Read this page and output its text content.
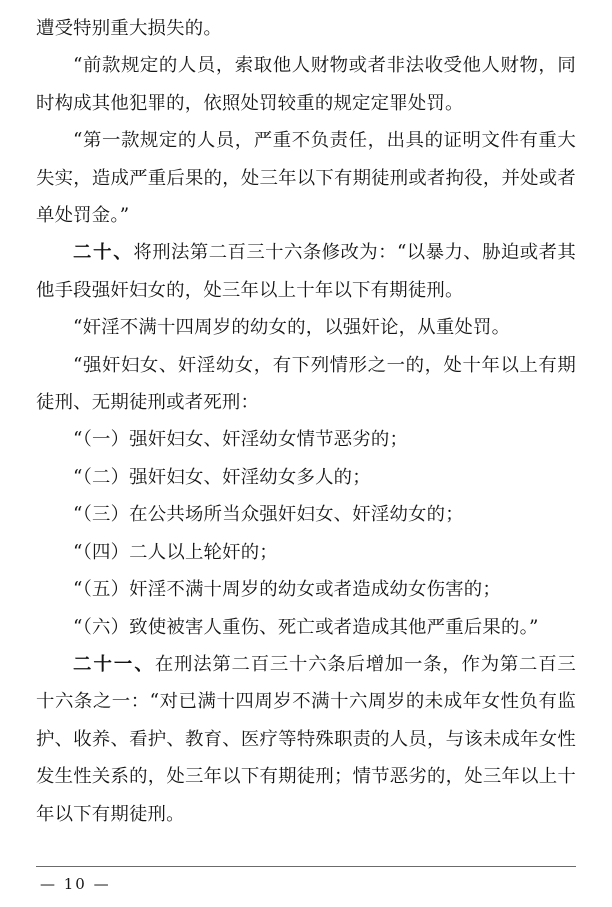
遭受特别重大损失的。

“前款规定的人员，索取他人财物或者非法收受他人财物，同时构成其他犯罪的，依照处罚较重的规定定罪处罚。

“第一款规定的人员，严重不负责任，出具的证明文件有重大失实，造成严重后果的，处三年以下有期徒刑或者拘役，并处或者单处罚金。”

二十、将刑法第二百三十六条修改为：“以暴力、胁迫或者其他手段强奸妇女的，处三年以上十年以下有期徒刑。

“奸淫不满十四周岁的幼女的，以强奸论，从重处罚。

“强奸妇女、奸淫幼女，有下列情形之一的，处十年以上有期徒刑、无期徒刑或者死刑：

“（一）强奸妇女、奸淫幼女情节恶劣的；

“（二）强奸妇女、奸淫幼女多人的；

“（三）在公共场所当众强奸妇女、奸淫幼女的；

“（四）二人以上轮奸的；

“（五）奸淫不满十周岁的幼女或者造成幼女伤害的；

“（六）致使被害人重伤、死亡或者造成其他严重后果的。”

二十一、在刑法第二百三十六条后增加一条，作为第二百三十六条之一：“对已满十四周岁不满十六周岁的未成年女性负有监护、收养、看护、教育、医疗等特殊职责的人员，与该未成年女性发生性关系的，处三年以下有期徒刑；情节恶劣的，处三年以上十年以下有期徒刑。

— 10 —
